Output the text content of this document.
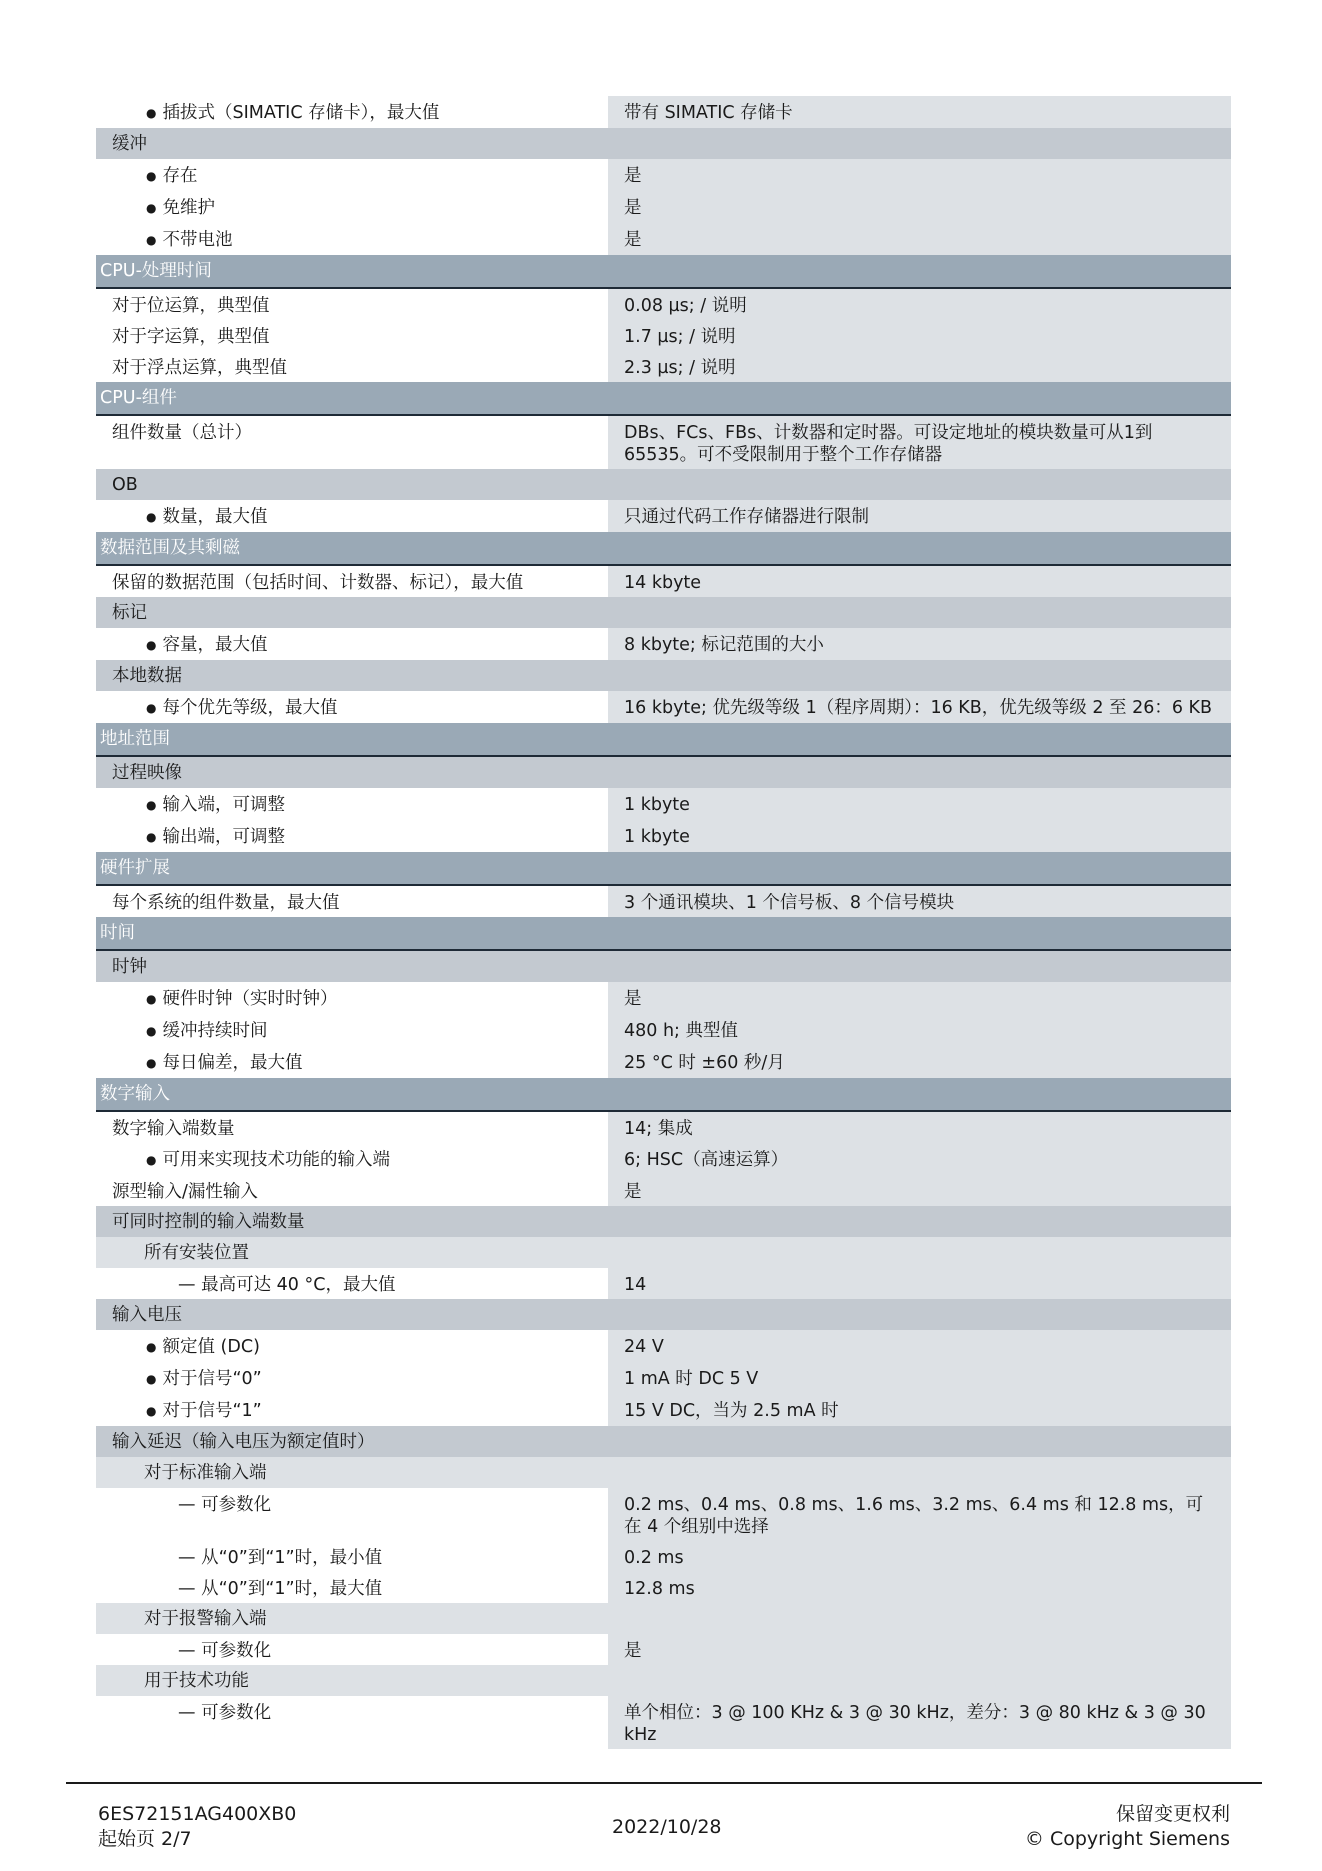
● 插拔式（SIMATIC 存储卡），最大值	带有 SIMATIC 存储卡
缓冲
● 存在	是
● 免维护	是
● 不带电池	是
CPU-处理时间
对于位运算，典型值	0.08 µs; / 说明
对于字运算，典型值	1.7 µs; / 说明
对于浮点运算，典型值	2.3 µs; / 说明
CPU-组件
组件数量（总计）	DBs、FCs、FBs、计数器和定时器。可设定地址的模块数量可从1到65535。可不受限制用于整个工作存储器
OB
● 数量，最大值	只通过代码工作存储器进行限制
数据范围及其剩磁
保留的数据范围（包括时间、计数器、标记），最大值	14 kbyte
标记
● 容量，最大值	8 kbyte; 标记范围的大小
本地数据
● 每个优先等级，最大值	16 kbyte; 优先级等级 1（程序周期）：16 KB，优先级等级 2 至 26：6 KB
地址范围
过程映像
● 输入端，可调整	1 kbyte
● 输出端，可调整	1 kbyte
硬件扩展
每个系统的组件数量，最大值	3 个通讯模块、1 个信号板、8 个信号模块
时间
时钟
● 硬件时钟（实时时钟）	是
● 缓冲持续时间	480 h; 典型值
● 每日偏差，最大值	25 °C 时 ±60 秒/月
数字输入
数字输入端数量	14; 集成
● 可用来实现技术功能的输入端	6; HSC（高速运算）
源型输入/漏性输入	是
可同时控制的输入端数量
所有安装位置
— 最高可达 40 °C，最大值	14
输入电压
● 额定值 (DC)	24 V
● 对于信号“0”	1 mA 时 DC 5 V
● 对于信号“1”	15 V DC，当为 2.5 mA 时
输入延迟（输入电压为额定值时）
对于标准输入端
— 可参数化	0.2 ms、0.4 ms、0.8 ms、1.6 ms、3.2 ms、6.4 ms 和 12.8 ms，可在 4 个组别中选择
— 从“0”到“1”时，最小值	0.2 ms
— 从“0”到“1”时，最大值	12.8 ms
对于报警输入端
— 可参数化	是
用于技术功能
— 可参数化	单个相位：3 @ 100 KHz & 3 @ 30 kHz，差分：3 @ 80 kHz & 3 @ 30 kHz
6ES72151AG400XB0
起始页 2/7
2022/10/28
保留变更权利
© Copyright Siemens
